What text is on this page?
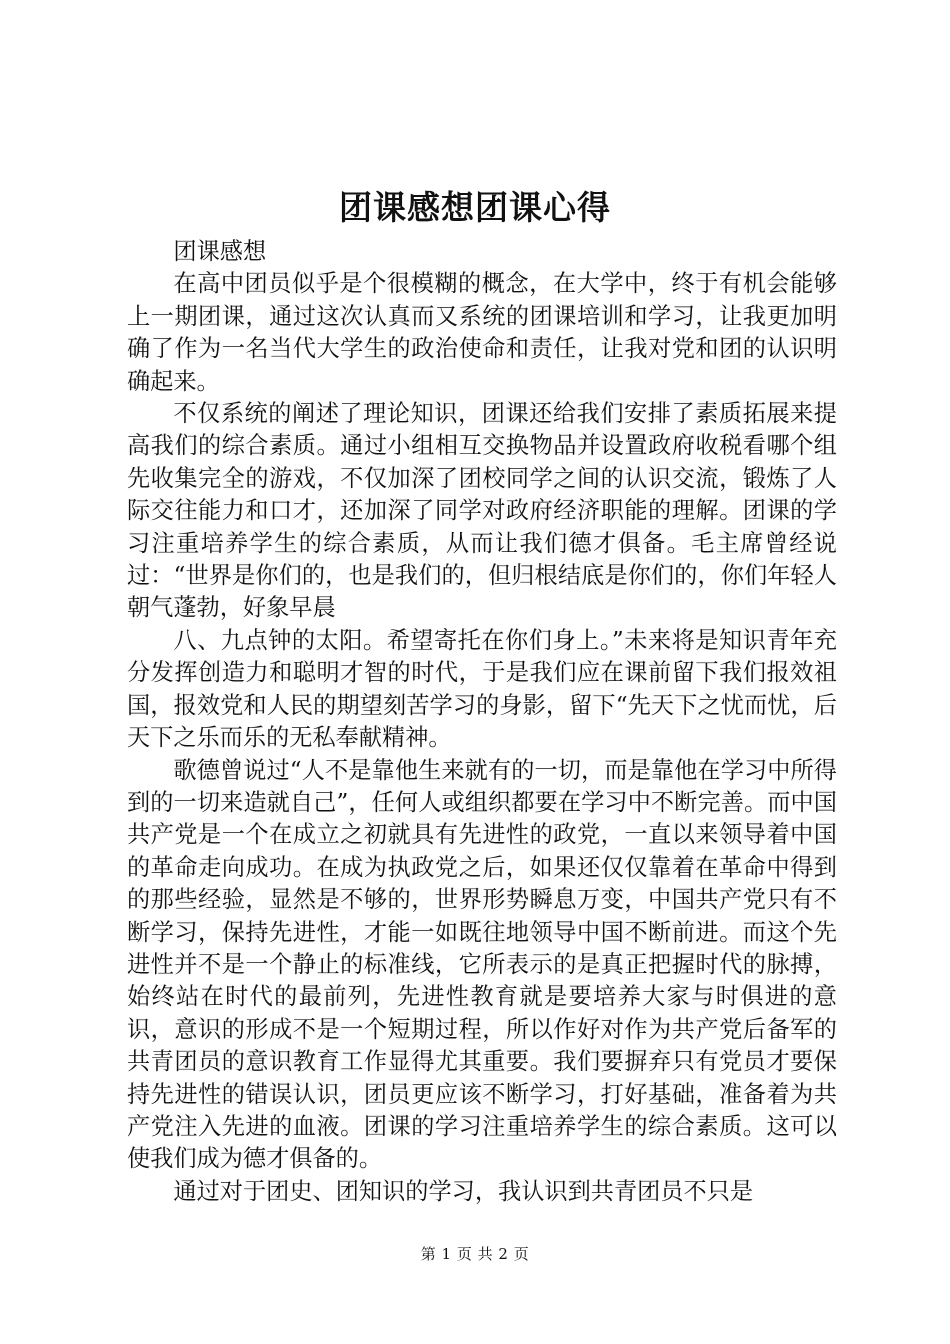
团课感想团课心得

团课感想

在高中团员似乎是个很模糊的概念，在大学中，终于有机会能够上一期团课，通过这次认真而又系统的团课培训和学习，让我更加明确了作为一名当代大学生的政治使命和责任，让我对党和团的认识明确起来。

不仅系统的阐述了理论知识，团课还给我们安排了素质拓展来提高我们的综合素质。通过小组相互交换物品并设置政府收税看哪个组先收集完全的游戏，不仅加深了团校同学之间的认识交流，锻炼了人际交往能力和口才，还加深了同学对政府经济职能的理解。团课的学习注重培养学生的综合素质，从而让我们德才俱备。毛主席曾经说过：“世界是你们的，也是我们的，但归根结底是你们的，你们年轻人朝气蓬勃，好象早晨

八、九点钟的太阳。希望寄托在你们身上。”未来将是知识青年充分发挥创造力和聪明才智的时代，于是我们应在课前留下我们报效祖国，报效党和人民的期望刻苦学习的身影，留下“先天下之忧而忧，后天下之乐而乐的无私奉献精神。

歌德曾说过“人不是靠他生来就有的一切，而是靠他在学习中所得到的一切来造就自己”，任何人或组织都要在学习中不断完善。而中国共产党是一个在成立之初就具有先进性的政党，一直以来领导着中国的革命走向成功。在成为执政党之后，如果还仅仅靠着在革命中得到的那些经验，显然是不够的，世界形势瞬息万变，中国共产党只有不断学习，保持先进性，才能一如既往地领导中国不断前进。而这个先进性并不是一个静止的标准线，它所表示的是真正把握时代的脉搏，始终站在时代的最前列，先进性教育就是要培养大家与时俱进的意识，意识的形成不是一个短期过程，所以作好对作为共产党后备军的共青团员的意识教育工作显得尤其重要。我们要摒弃只有党员才要保持先进性的错误认识，团员更应该不断学习，打好基础，准备着为共产党注入先进的血液。团课的学习注重培养学生的综合素质。这可以使我们成为德才俱备的。

通过对于团史、团知识的学习，我认识到共青团员不只是

第 1 页 共 2 页
